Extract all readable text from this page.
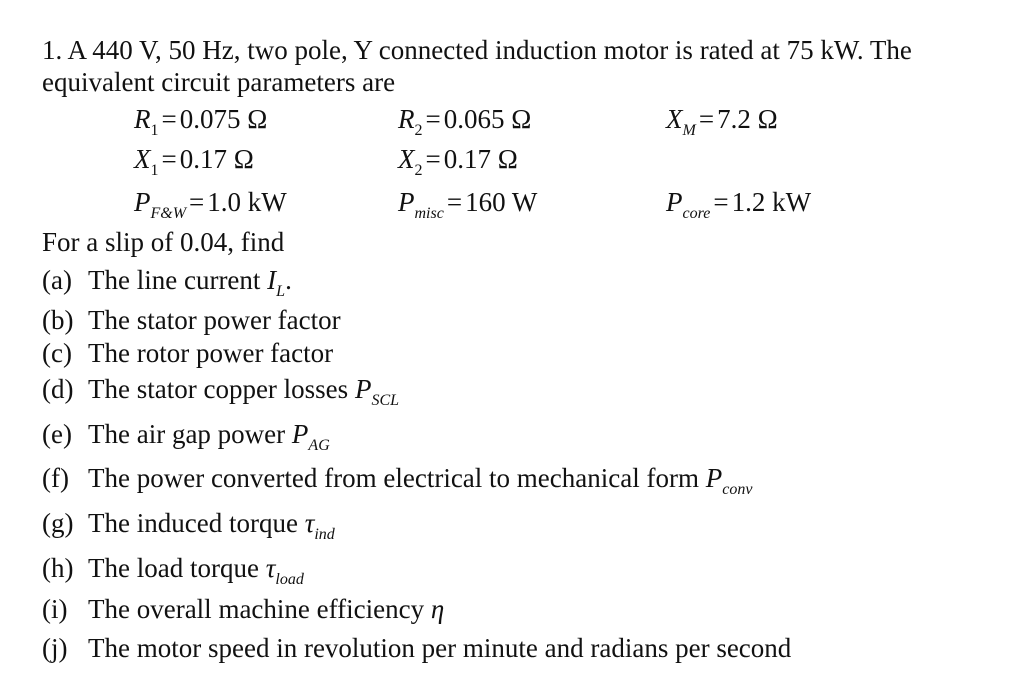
1. A 440 V, 50 Hz, two pole, Y connected induction motor is rated at 75 kW. The
equivalent circuit parameters are
$R_1 = 0.075$ Ω	$R_2 = 0.065$ Ω	$X_M = 7.2$ Ω
$X_1 = 0.17$ Ω	$X_2 = 0.17$ Ω
$P_{F\&W} = 1.0$ kW	$P_{misc} = 160$ W	$P_{core} = 1.2$ kW
For a slip of 0.04, find
(a) The line current $I_L$.
(b) The stator power factor
(c) The rotor power factor
(d) The stator copper losses $P_{SCL}$
(e) The air gap power $P_{AG}$
(f) The power converted from electrical to mechanical form $P_{conv}$
(g) The induced torque $\tau_{ind}$
(h) The load torque $\tau_{load}$
(i) The overall machine efficiency η
(j) The motor speed in revolution per minute and radians per second
